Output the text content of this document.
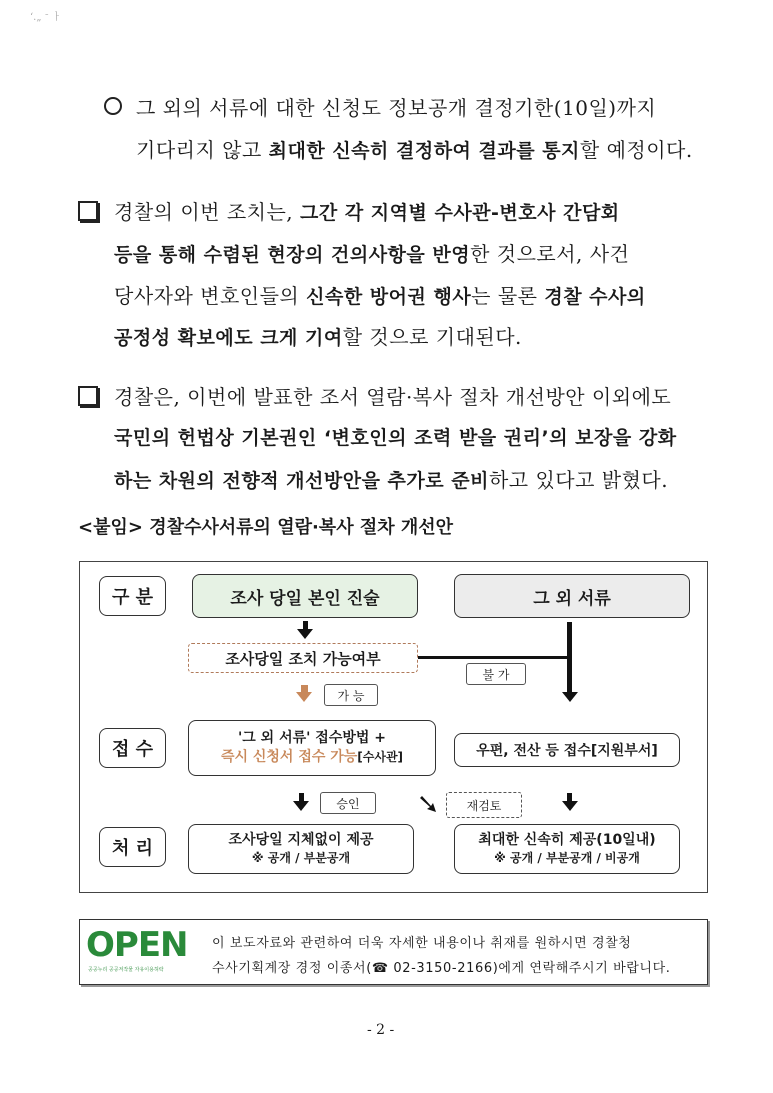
‘.„ ᐨ ㅏ
그 외의 서류에 대한 신청도 정보공개 결정기한(10일)까지
기다리지 않고 최대한 신속히 결정하여 결과를 통지할 예정이다.
경찰의 이번 조치는, 그간 각 지역별 수사관-변호사 간담회
등을 통해 수렴된 현장의 건의사항을 반영한 것으로서, 사건
당사자와 변호인들의 신속한 방어권 행사는 물론 경찰 수사의
공정성 확보에도 크게 기여할 것으로 기대된다.
경찰은, 이번에 발표한 조서 열람·복사 절차 개선방안 이외에도
국민의 헌법상 기본권인 ‘변호인의 조력 받을 권리’의 보장을 강화
하는 차원의 전향적 개선방안을 추가로 준비하고 있다고 밝혔다.
<붙임> 경찰수사서류의 열람·복사 절차 개선안
구 분
접 수
처 리
조사 당일 본인 진술	그 외 서류
조사당일 조치 가능여부
불 가
가 능
'그 외 서류' 접수방법 +
즉시 신청서 접수 가능[수사관]	우편, 전산 등 접수[지원부서]
승인	재검토
조사당일 지체없이 제공
※ 공개 / 부분공개
최대한 신속히 제공(10일내)
※ 공개 / 부분공개 / 비공개
OPEN
공공누리 공공저작물 자유이용허락
이 보도자료와 관련하여 더욱 자세한 내용이나 취재를 원하시면 경찰청
수사기획계장 경정 이종서(☎ 02-3150-2166)에게 연락해주시기 바랍니다.
- 2 -
